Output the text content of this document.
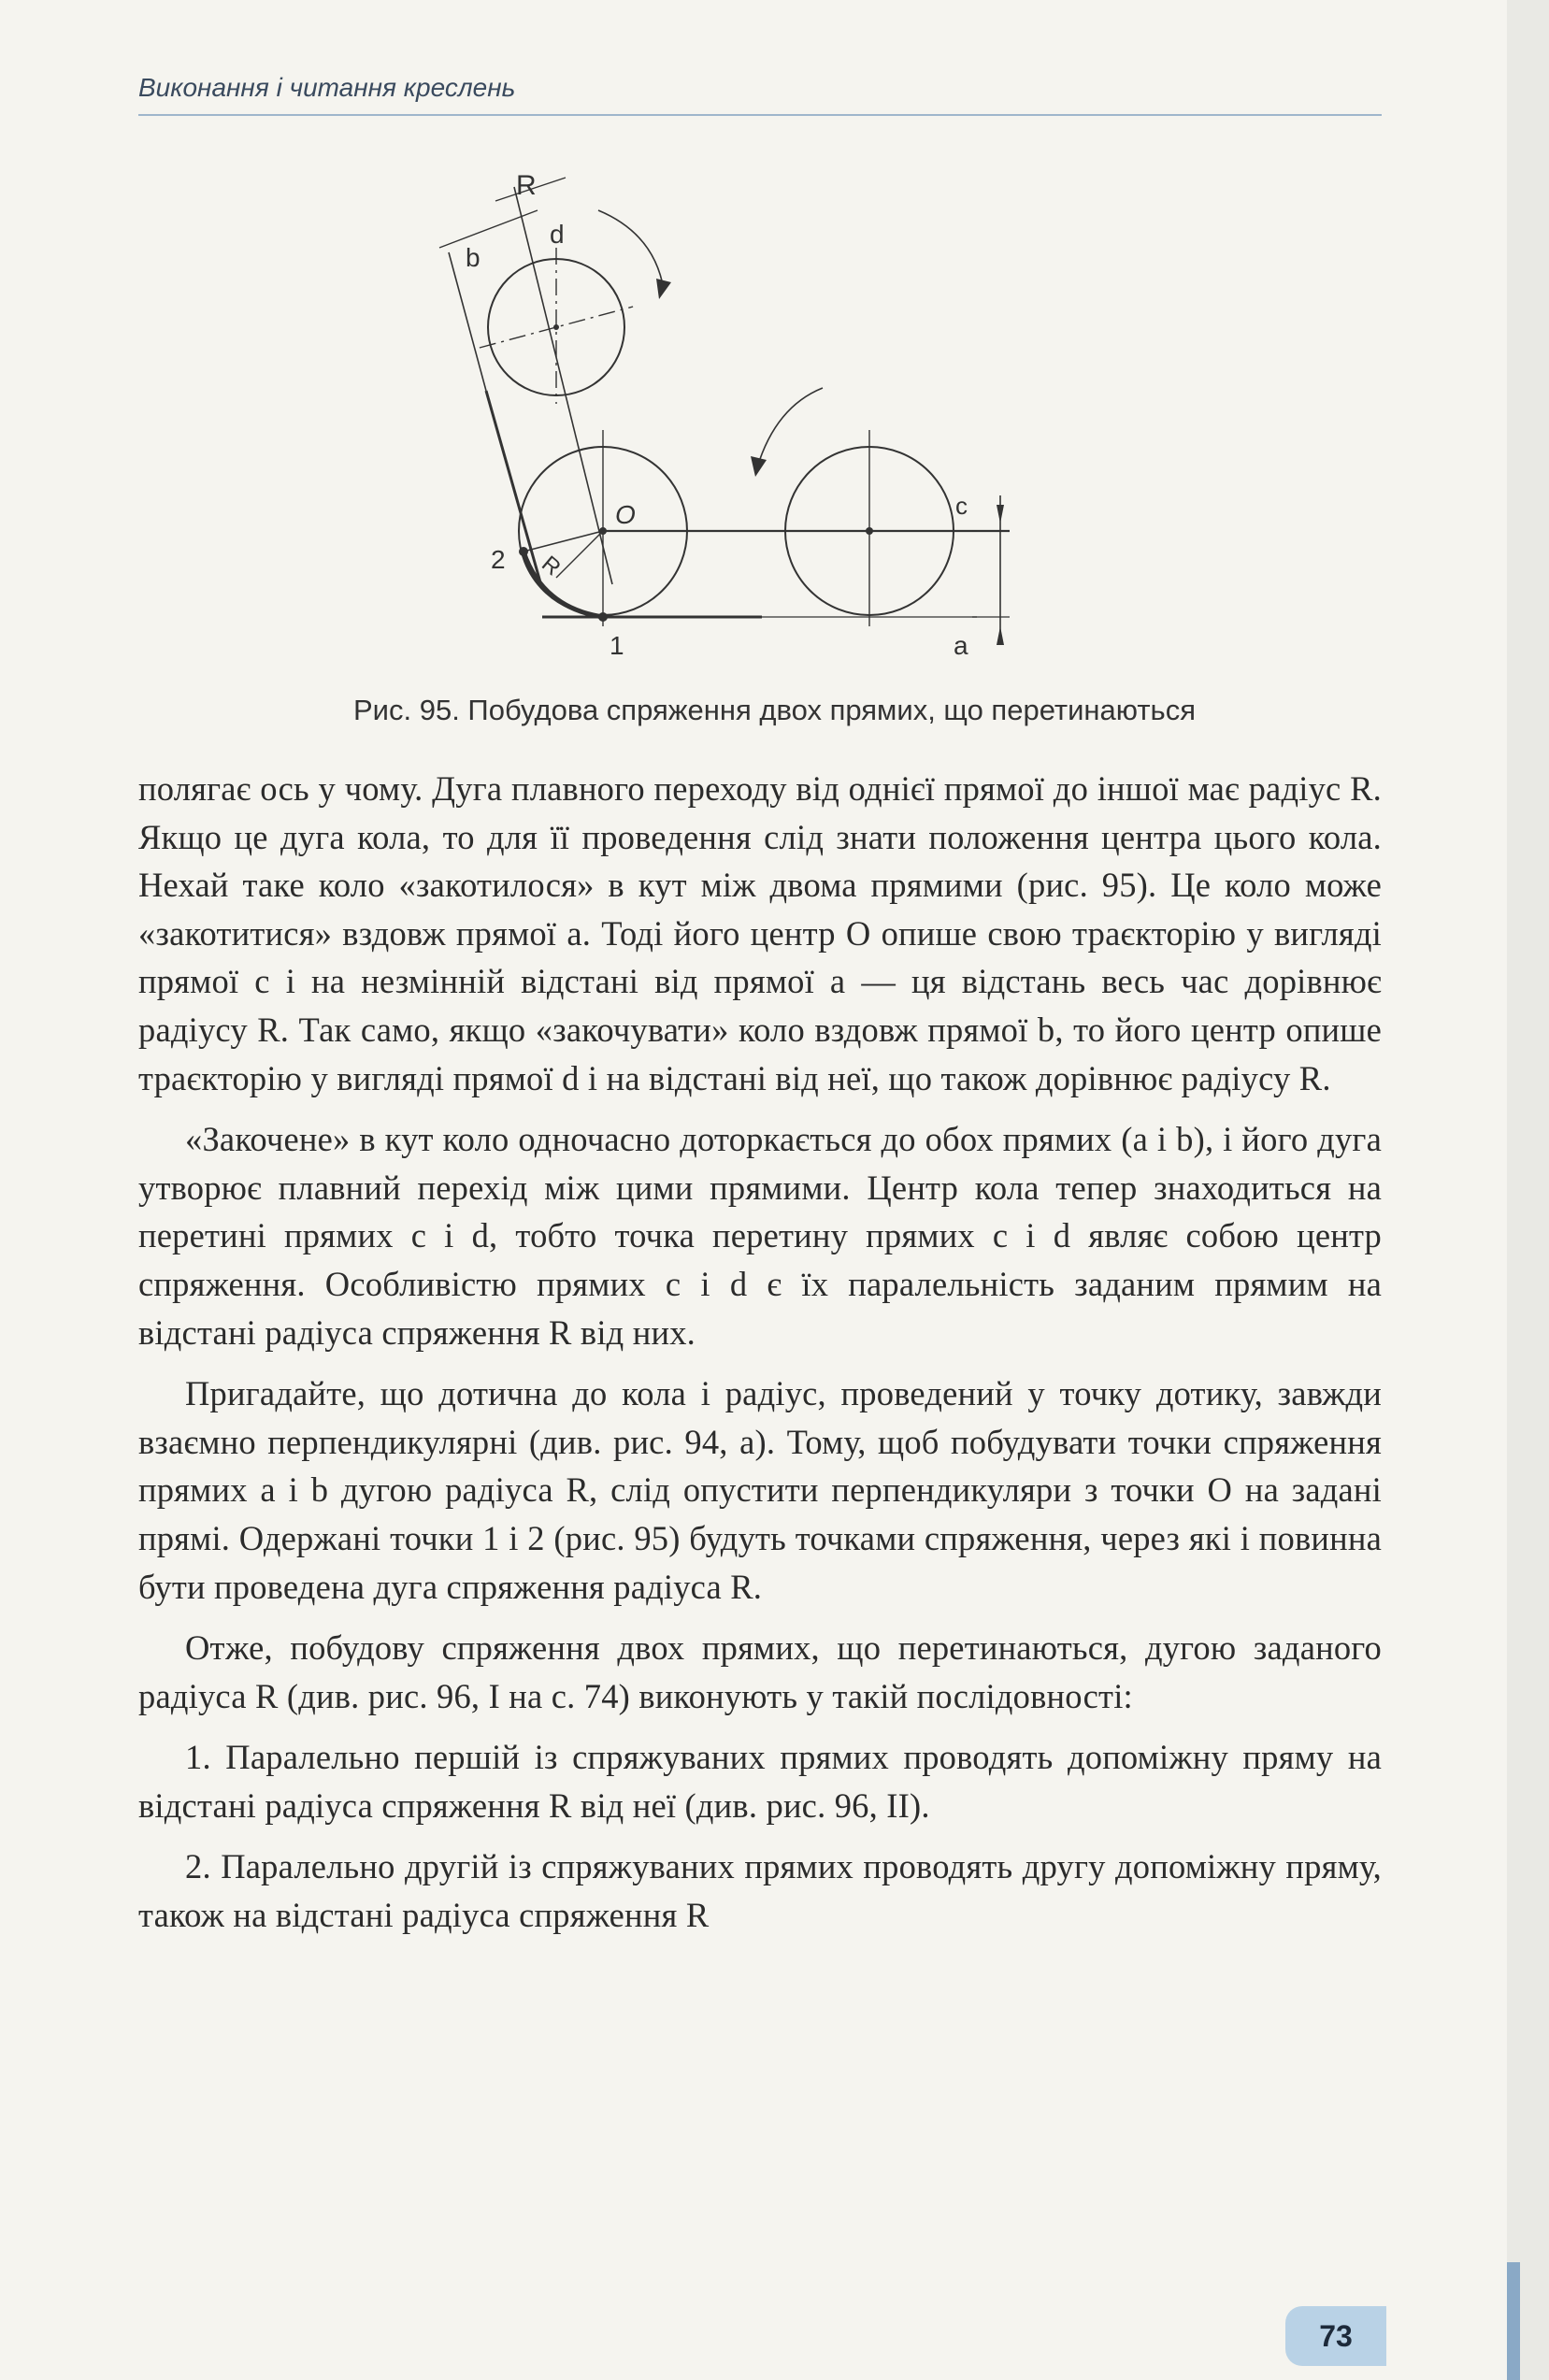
Виконання і читання креслень
R
b
d
O	c
2 R
1	a
Рис. 95. Побудова спряження двох прямих, що перетинаються

полягає ось у чому. Дуга плавного переходу від однієї прямої до іншої має радіус R. Якщо це дуга кола, то для її проведення слід знати положення центра цього кола. Нехай таке коло «закотилося» в кут між двома прямими (рис. 95). Це коло може «закотитися» вздовж прямої a. Тоді його центр O опише свою траєкторію у вигляді прямої c і на незмінній відстані від прямої a — ця відстань весь час дорівнює радіусу R. Так само, якщо «закочувати» коло вздовж прямої b, то його центр опише траєкторію у вигляді прямої d і на відстані від неї, що також дорівнює радіусу R.

«Закочене» в кут коло одночасно доторкається до обох прямих (a і b), і його дуга утворює плавний перехід між цими прямими. Центр кола тепер знаходиться на перетині прямих c і d, тобто точка перетину прямих c і d являє собою центр спряження. Особливістю прямих c і d є їх паралельність заданим прямим на відстані радіуса спряження R від них.

Пригадайте, що дотична до кола і радіус, проведений у точку дотику, завжди взаємно перпендикулярні (див. рис. 94, a). Тому, щоб побудувати точки спряження прямих a і b дугою радіуса R, слід опустити перпендикуляри з точки O на задані прямі. Одержані точки 1 і 2 (рис. 95) будуть точками спряження, через які і повинна бути проведена дуга спряження радіуса R.

Отже, побудову спряження двох прямих, що перетинаються, дугою заданого радіуса R (див. рис. 96, I на с. 74) виконують у такій послідовності:

1. Паралельно першій із спряжуваних прямих проводять допоміжну пряму на відстані радіуса спряження R від неї (див. рис. 96, II).

2. Паралельно другій із спряжуваних прямих проводять другу допоміжну пряму, також на відстані радіуса спряження R

73
